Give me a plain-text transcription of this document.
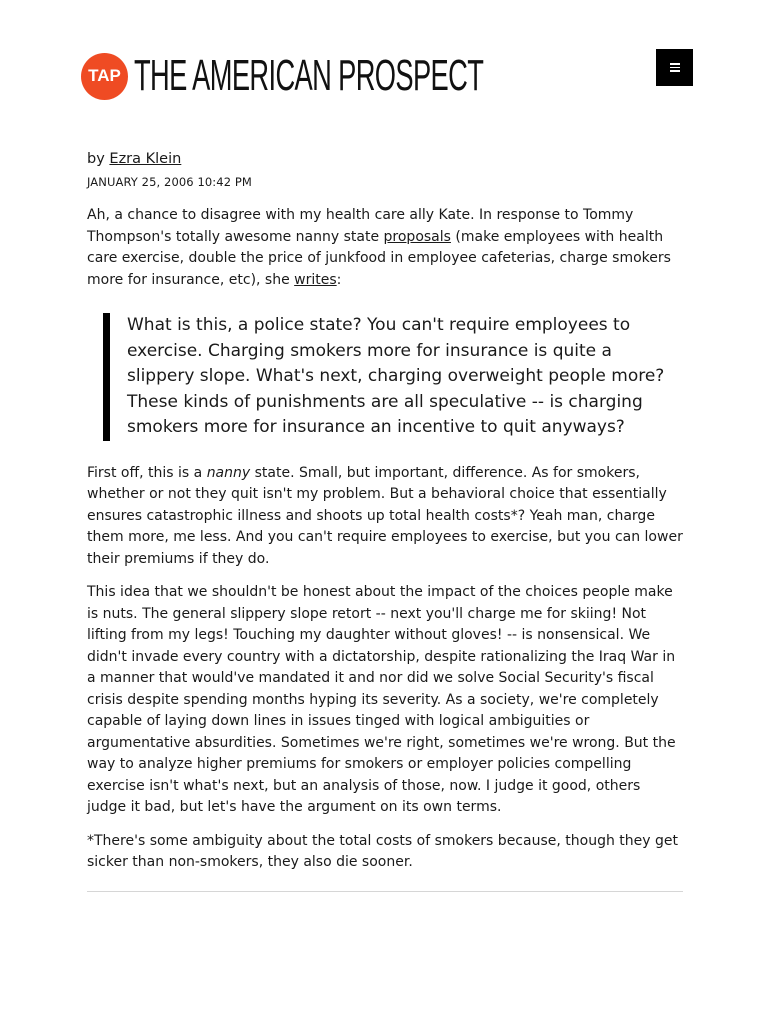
TAP THE AMERICAN PROSPECT
by Ezra Klein
JANUARY 25, 2006 10:42 PM

Ah, a chance to disagree with my health care ally Kate. In response to Tommy Thompson's totally awesome nanny state proposals (make employees with health care exercise, double the price of junkfood in employee cafeterias, charge smokers more for insurance, etc), she writes:

What is this, a police state? You can't require employees to exercise. Charging smokers more for insurance is quite a slippery slope. What's next, charging overweight people more? These kinds of punishments are all speculative -- is charging smokers more for insurance an incentive to quit anyways?

First off, this is a nanny state. Small, but important, difference. As for smokers, whether or not they quit isn't my problem. But a behavioral choice that essentially ensures catastrophic illness and shoots up total health costs*? Yeah man, charge them more, me less. And you can't require employees to exercise, but you can lower their premiums if they do.

This idea that we shouldn't be honest about the impact of the choices people make is nuts. The general slippery slope retort -- next you'll charge me for skiing! Not lifting from my legs! Touching my daughter without gloves! -- is nonsensical. We didn't invade every country with a dictatorship, despite rationalizing the Iraq War in a manner that would've mandated it and nor did we solve Social Security's fiscal crisis despite spending months hyping its severity. As a society, we're completely capable of laying down lines in issues tinged with logical ambiguities or argumentative absurdities. Sometimes we're right, sometimes we're wrong. But the way to analyze higher premiums for smokers or employer policies compelling exercise isn't what's next, but an analysis of those, now. I judge it good, others judge it bad, but let's have the argument on its own terms.

*There's some ambiguity about the total costs of smokers because, though they get sicker than non-smokers, they also die sooner.
